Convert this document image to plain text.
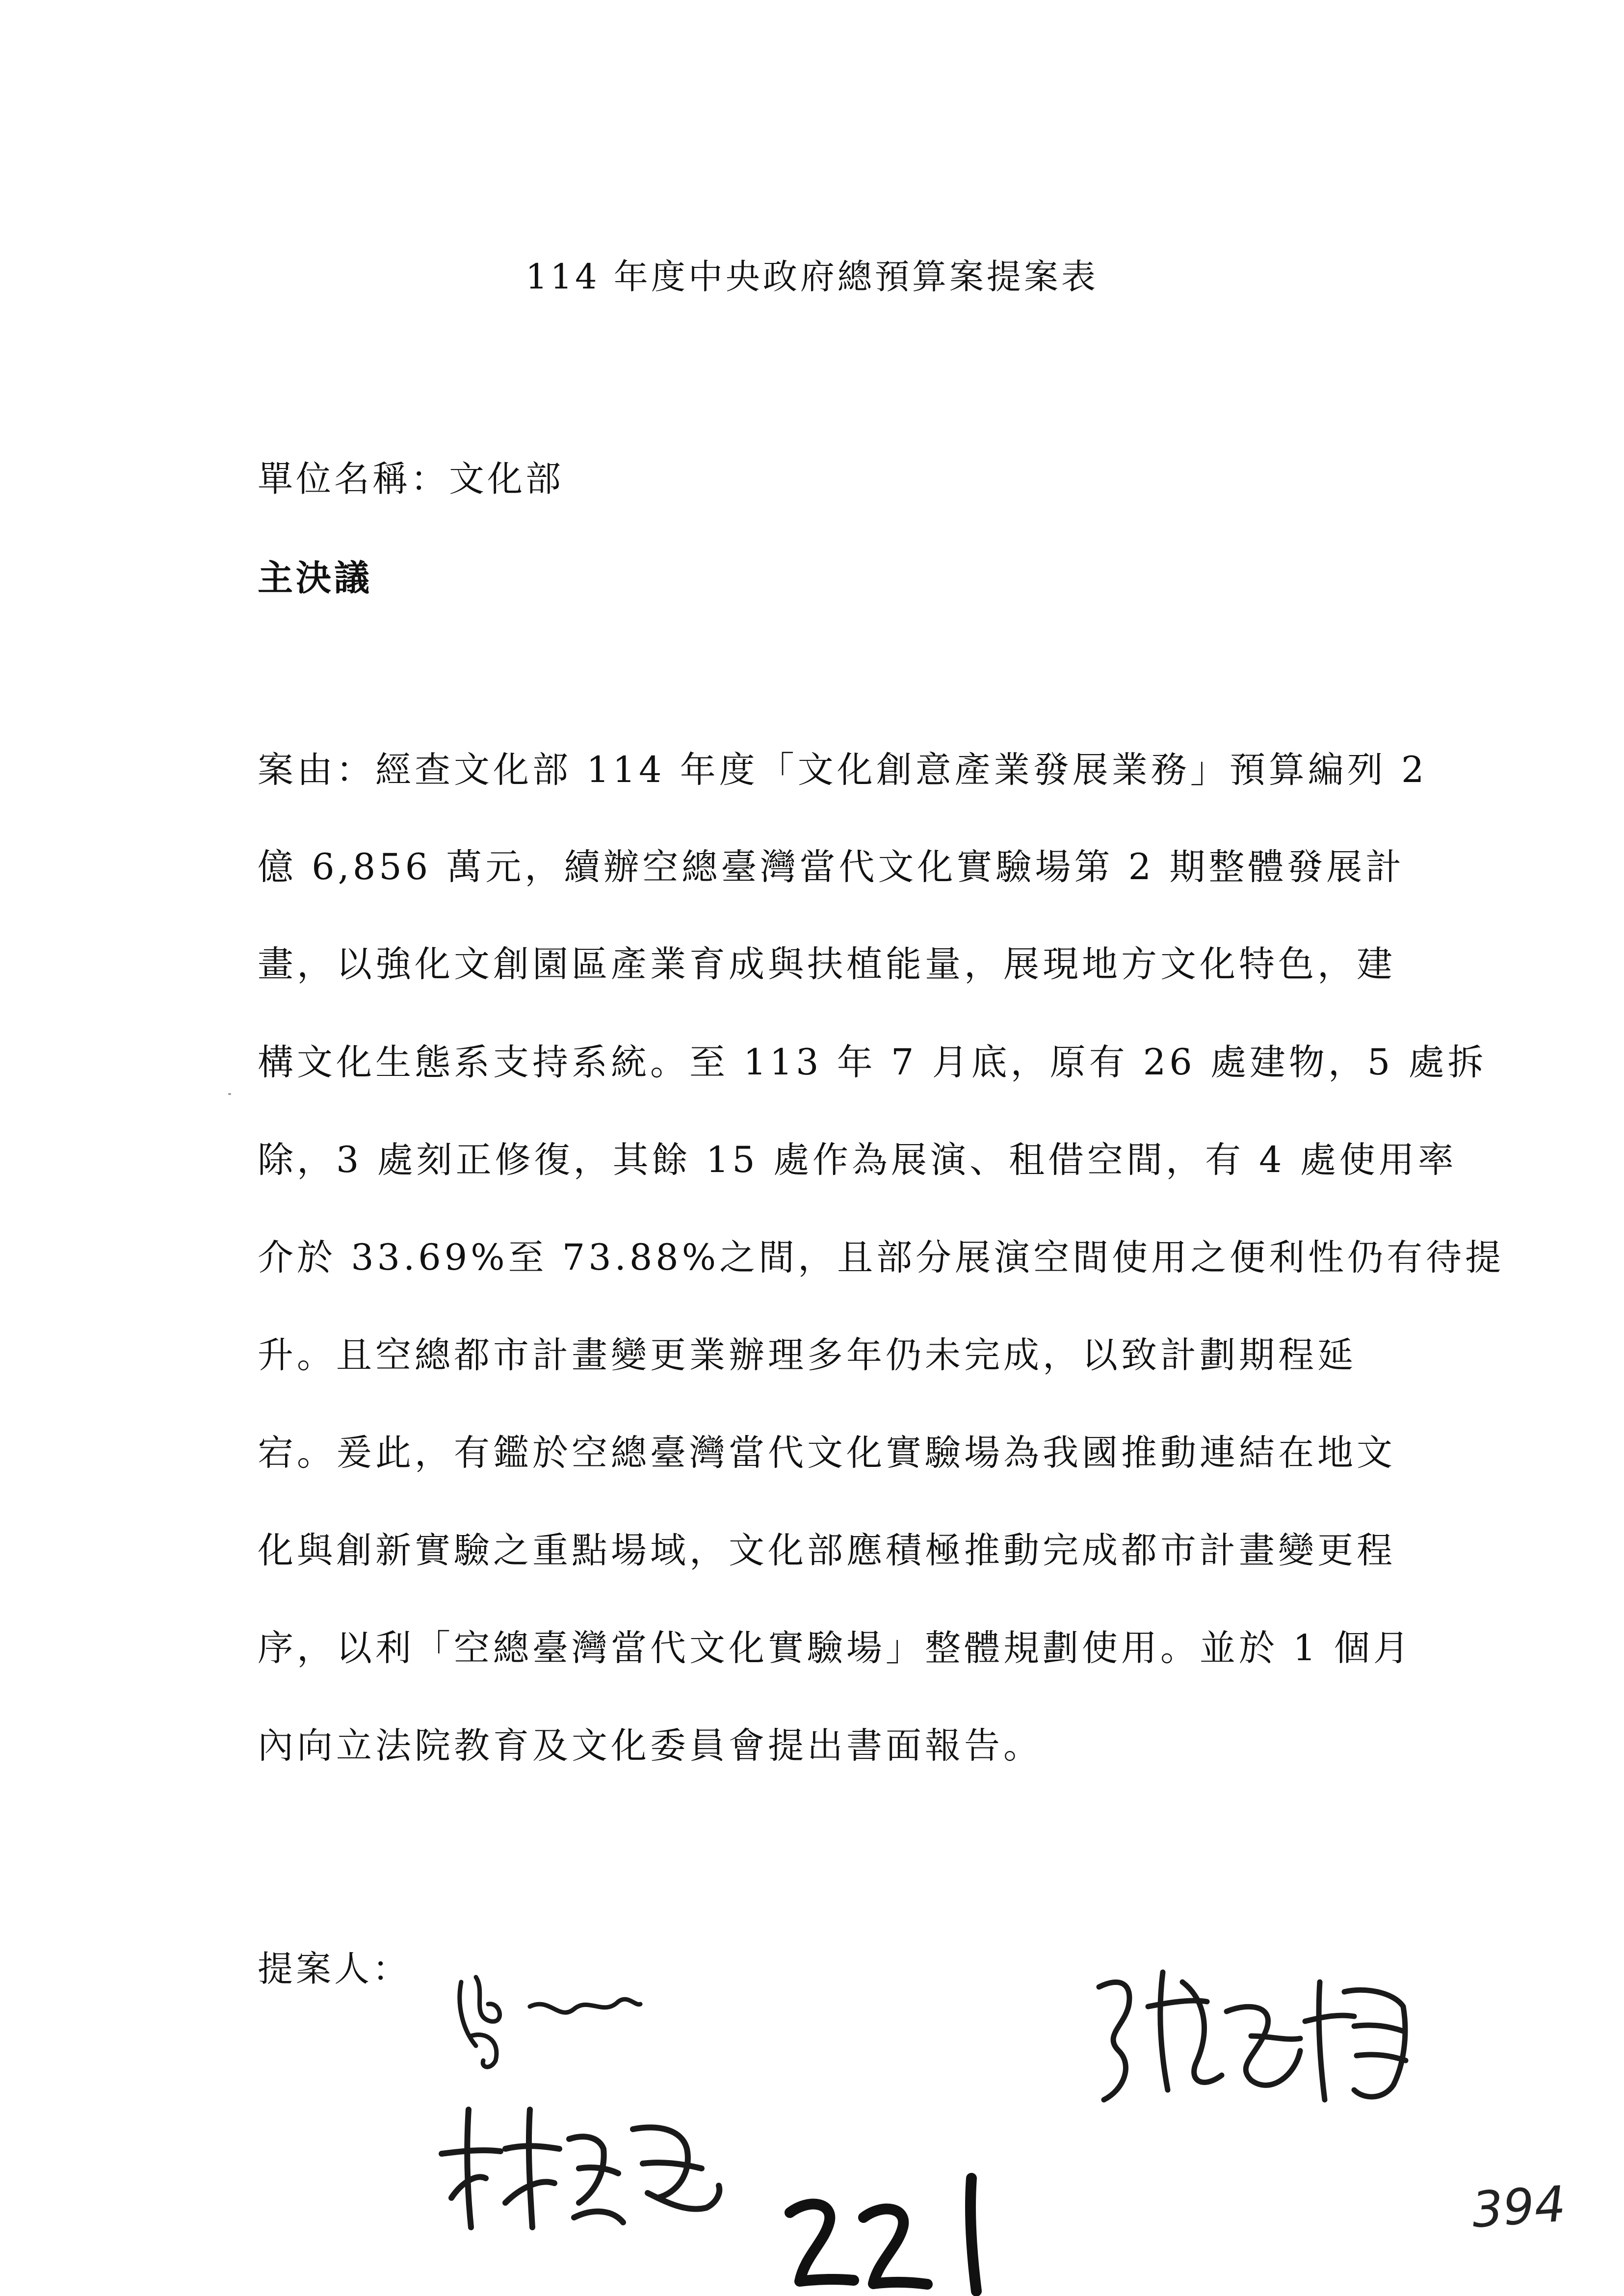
114 年度中央政府總預算案提案表
單位名稱：文化部
主決議
案由：經查文化部 114 年度「文化創意產業發展業務」預算編列 2
億 6,856 萬元，續辦空總臺灣當代文化實驗場第 2 期整體發展計
畫，以強化文創園區產業育成與扶植能量，展現地方文化特色，建
構文化生態系支持系統。至 113 年 7 月底，原有 26 處建物，5 處拆
除，3 處刻正修復，其餘 15 處作為展演、租借空間，有 4 處使用率
介於 33.69%至 73.88%之間，且部分展演空間使用之便利性仍有待提
升。且空總都市計畫變更業辦理多年仍未完成，以致計劃期程延
宕。爰此，有鑑於空總臺灣當代文化實驗場為我國推動連結在地文
化與創新實驗之重點場域，文化部應積極推動完成都市計畫變更程
序，以利「空總臺灣當代文化實驗場」整體規劃使用。並於 1 個月
內向立法院教育及文化委員會提出書面報告。
提案人：
394
